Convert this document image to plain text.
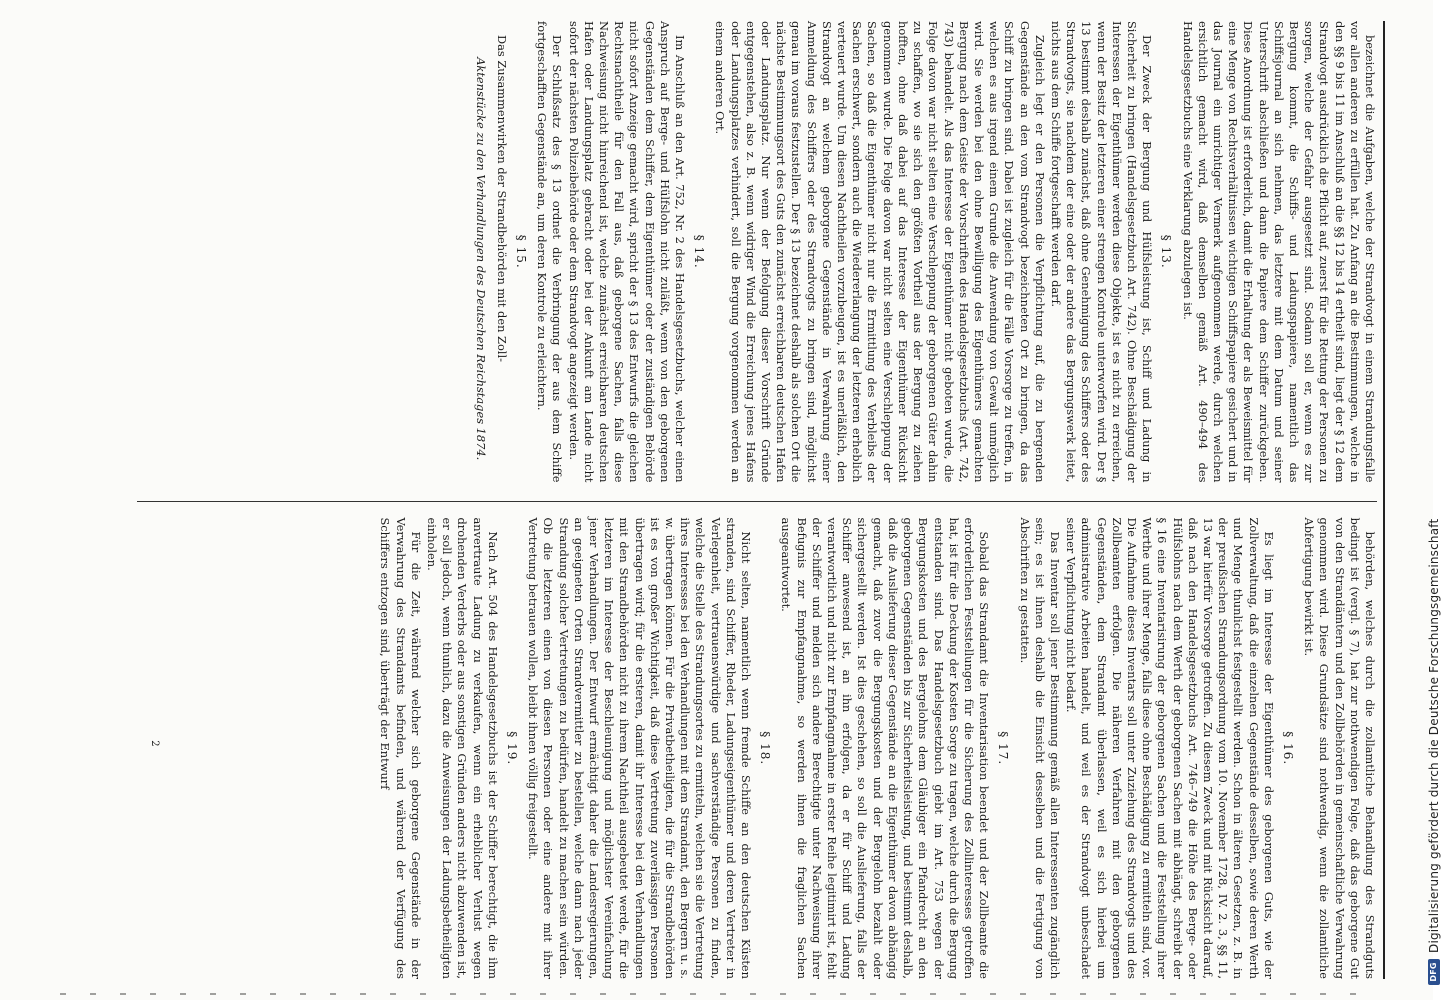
bezeichnet die Aufgaben, welche der Strandvogt in einem Strandungsfalle vor allen anderen zu erfüllen hat. Zu Anfang an die Bestimmungen, welche in den §§ 9 bis 11 im Anschluß an die §§ 12 bis 14 ertheilt sind, liegt der § 12 dem Strandvogt ausdrücklich die Pflicht auf, zuerst für die Rettung der Personen zu sorgen, welche der Gefahr ausgesetzt sind. Sodann soll er, wenn es zur Bergung kommt, die Schiffs- und Ladungspapiere, namentlich das Schiffsjournal an sich nehmen, das letztere mit dem Datum und seiner Unterschrift abschließen und dann die Papiere dem Schiffer zurückgeben. Diese Anordnung ist erforderlich, damit die Erhaltung der als Beweismittel für eine Menge von Rechtsverhältnissen wichtigen Schiffspapiere gesichert und in das Journal ein unrichtiger Vermerk aufgenommen werde, durch welchen ersichtlich gemacht wird, daß demselben gemäß Art. 490–494 des Handelsgesetzbuchs eine Verklarung abzulegen ist.

§ 13.

Der Zweck der Bergung und Hülfsleistung ist, Schiff und Ladung in Sicherheit zu bringen (Handelsgesetzbuch Art. 742). Ohne Beschädigung der Interessen der Eigenthümer werden diese Objekte, ist es nicht zu erreichen, wenn der Besitz der letzteren einer strengen Kontrole unterworfen wird. Der § 13 bestimmt deshalb zunächst, daß ohne Genehmigung des Schiffers oder des Strandvogts, sie nachdem der eine oder der andere das Bergungswerk leitet, nichts aus dem Schiffe fortgeschafft werden darf.

Zugleich legt er den Personen die Verpflichtung auf, die zu bergenden Gegenstände an den vom Strandvogt bezeichneten Ort zu bringen, da das Schiff zu bringen sind. Dabei ist zugleich für die Fälle Vorsorge zu treffen, in welchen es aus irgend einem Grunde die Anwendung von Gewalt unmöglich wird. Sie werden bei den ohne Bewilligung des Eigenthümers gemachten Bergung nach dem Geiste der Vorschriften des Handelsgesetzbuchs (Art. 742, 743) behandelt. Als das Interesse der Eigenthümer nicht geboten wurde, die Folge davon war nicht selten eine Verschleppung der geborgenen Güter dahin zu schaffen, wo sie sich den größten Vortheil aus der Bergung zu ziehen hofften, ohne daß dabei auf das Interesse der Eigenthümer Rücksicht genommen wurde. Die Folge davon war nicht selten eine Verschleppung der Sachen, so daß die Eigenthümer nicht nur die Ermittlung des Verbleibs der Sachen erschwert, sondern auch die Wiedererlangung der letzteren erheblich verteuert wurde. Um diesen Nachtheilen vorzubeugen, ist es unerläßlich, den Strandvogt an welchem geborgene Gegenstände in Verwahrung einer Anmeldung des Schiffers oder des Strandvogts zu bringen sind, möglichst genau im voraus festzustellen. Der § 13 bezeichnet deshalb als solchen Ort die nächste Bestimmungsort des Guts den zunächst erreichbaren deutschen Hafen oder Landungsplatz. Nur wenn der Befolgung dieser Vorschrift Gründe entgegenstehen, also z. B. wenn widriger Wind die Erreichung jenes Hafens oder Landungsplatzes verhindert, soll die Bergung vorgenommen werden an einem anderen Ort.

§ 14.

Im Anschluß an den Art. 752, Nr. 2 des Handelsgesetzbuchs, welcher einen Anspruch auf Berge- und Hülfslohn nicht zuläßt, wenn von den geborgenen Gegenständen dem Schiffer, dem Eigenthümer oder der zuständigen Behörde nicht sofort Anzeige gemacht wird, spricht der § 13 des Entwurfs die gleichen Rechtsnachtheile für den Fall aus, daß geborgene Sachen, falls diese Nachweisung nicht hinreichend ist, welche zunächst erreichbaren deutschen Hafen oder Landungsplatz gebracht oder bei der Ankunft am Lande nicht sofort der nächsten Polizeibehörde oder dem Strandvogt angezeigt werden.

Der Schlußsatz des § 13 ordnet die Verbringung der aus dem Schiffe fortgeschafften Gegenstände an, um deren Kontrole zu erleichtern.

§ 15.

Das Zusammenwirken der Strandbehörden mit den Zoll-

Aktenstücke zu den Verhandlungen des Deutschen Reichstages 1874.

behörden, welches durch die zollamtliche Behandlung des Strandguts bedingt ist (vergl. § 7), hat zur nothwendigen Folge, daß das geborgene Gut von den Strandämtern und den Zollbehörden in gemeinschaftliche Verwahrung genommen wird. Diese Grundsätze sind nothwendig, wenn die zollamtliche Abfertigung bewirkt ist.

§ 16.

Es liegt im Interesse der Eigenthümer des geborgenen Guts, wie der Zollverwaltung, daß die einzelnen Gegenstände desselben, sowie deren Werth und Menge thunlichst festgestellt werden. Schon in älteren Gesetzen, z. B. in der preußischen Strandungsordnung vom 10. November 1728, IV. 2. 3, §§ 11, 13 war hierfür Vorsorge getroffen. Zu diesem Zweck und mit Rücksicht darauf, daß nach den Handelsgesetzbuchs Art. 746–749 die Höhe des Berge- oder Hülfslohns nach dem Werth der geborgenen Sachen mit abhängt, schreibt der § 16 eine Inventarisirung der geborgenen Sachen und die Feststellung ihrer Werthe und ihrer Menge, falls diese ohne Beschädigung zu ermitteln sind, vor. Die Aufnahme dieses Inventars soll unter Zuziehung des Strandvogts und des Zollbeamten erfolgen. Die näheren Verfahren mit den geborgenen Gegenständen, dem Strandamt überlassen, weil es sich hierbei um administrative Arbeiten handelt, und weil es der Strandvogt unbeschadet seiner Verpflichtung nicht bedarf.

Das Inventar soll jener Bestimmung gemäß allen Interessenten zugänglich sein; es ist ihnen deshalb die Einsicht desselben und die Fertigung von Abschriften zu gestatten.

§ 17.

Sobald das Strandamt die Inventarisation beendet und der Zollbeamte die erforderlichen Feststellungen für die Sicherung des Zollinteresses getroffen hat, ist für die Deckung der Kosten Sorge zu tragen, welche durch die Bergung entstanden sind. Das Handelsgesetzbuch giebt im Art. 753 wegen der Bergungskosten und des Bergelohns dem Gläubiger ein Pfandrecht an den geborgenen Gegenständen bis zur Sicherheitsleistung, und bestimmt deshalb, daß die Auslieferung dieser Gegenstände an die Eigenthümer davon abhängig gemacht, daß zuvor die Bergungskosten und der Bergelohn bezahlt oder sichergestellt werden. Ist dies geschehen, so soll die Auslieferung, falls der Schiffer anwesend ist, an ihn erfolgen, da er für Schiff und Ladung verantwortlich und nicht zur Empfangnahme in erster Reihe legitimirt ist, fehlt der Schiffer und melden sich andere Berechtigte unter Nachweisung ihrer Befugnis zur Empfangnahme, so werden ihnen die fraglichen Sachen ausgeantwortet.

§ 18.

Nicht selten, namentlich wenn fremde Schiffe an den deutschen Küsten stranden, sind Schiffer, Rheder, Ladungseigenthümer und deren Vertreter in Verlegenheit, vertrauenswürdige und sachverständige Personen zu finden, welche die Stelle des Strandungsortes zu ermitteln, welchen sie die Vertretung ihres Interesses bei den Verhandlungen mit dem Strandamt, den Bergern u. s. w. übertragen können. Für die Privatbetheiligten, die für die Strandbehörden ist es von großer Wichtigkeit, daß diese Vertretung zuverlässigen Personen übertragen wird; für die ersteren, damit ihr Interesse bei den Verhandlungen mit den Strandbehörden nicht zu ihrem Nachtheil ausgebeutet werde, für die letzteren im Interesse der Beschleunigung und möglichster Vereinfachung jener Verhandlungen. Der Entwurf ermächtigt daher die Landesregierungen, an geeigneten Orten Strandvermittler zu bestellen, welche dann nach jeder Strandung solcher Vertretungen zu bedürfen, handelt zu machen sein würden. Ob die letzteren einen von diesen Personen oder eine andere mit ihrer Vertretung betrauen wollen, bleibt ihnen völlig freigestellt.

§ 19.

Nach Art. 504 des Handelsgesetzbuchs ist der Schiffer berechtigt, die ihm anvertraute Ladung zu verkaufen, wenn ein erheblicher Verlust wegen drohenden Verderbs oder aus sonstigen Gründen anders nicht abzuwenden ist, er soll jedoch, wenn thunlich, dazu die Anweisungen der Ladungsbetheiligten einholen.

Für die Zeit, während welcher sich geborgene Gegenstände in der Verwahrung des Strandamts befinden, und während der Verfügung des Schiffers entzogen sind, überträgt der Entwurf

2
DFG
Digitalisierung gefördert durch die Deutsche Forschungsgemeinschaft
